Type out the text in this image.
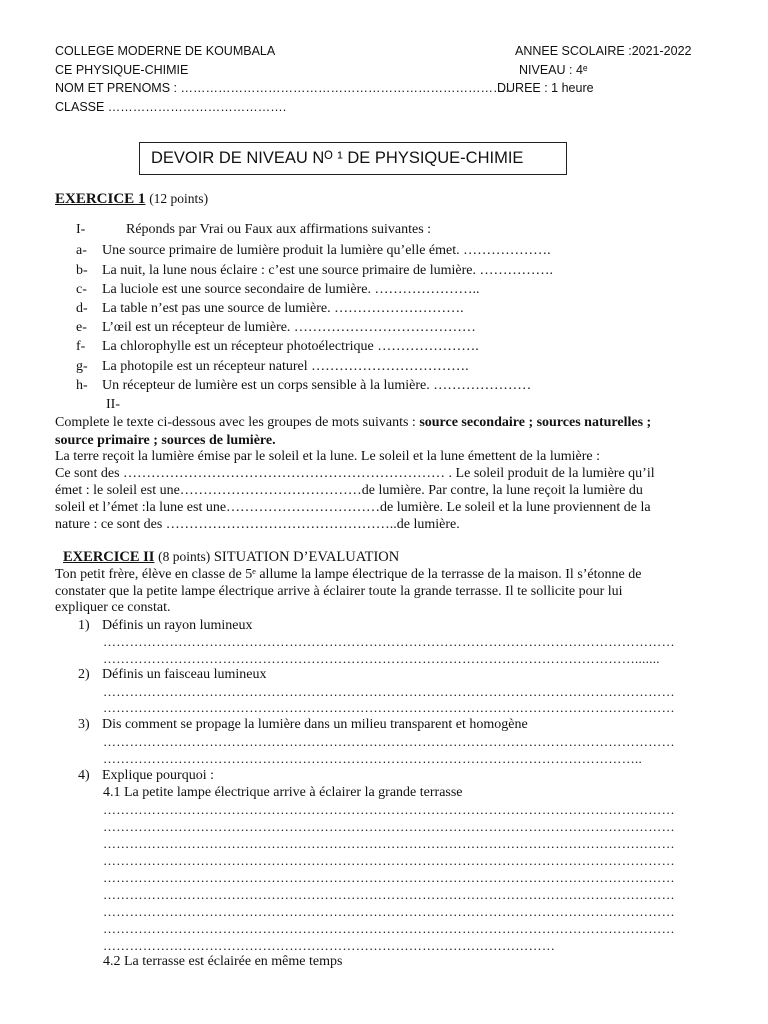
COLLEGE MODERNE DE KOUMBALA
CE PHYSIQUE-CHIMIE
NOM ET PRENOMS : ……………………………………………………………………..
CLASSE …………………………………….
ANNEE SCOLAIRE :2021-2022
NIVEAU : 4ᵉ
DUREE : 1 heure
DEVOIR DE NIVEAU Nᴼ ¹ DE PHYSIQUE-CHIMIE
EXERCICE 1 (12 points)
I-	Réponds par Vrai ou Faux aux affirmations suivantes :
a- Une source primaire de lumière produit la lumière qu’elle émet. ……………….
b- La nuit, la lune nous éclaire : c’est une source primaire de lumière. …………….
c- La luciole est une source secondaire de lumière. …………………..
d- La table n’est pas une source de lumière. ……………………….
e- L’œil est un récepteur de lumière. …………………………………
f- La chlorophylle est un récepteur photoélectrique ………………….
g- La photopile est un récepteur naturel …………………………….
h- Un récepteur de lumière est un corps sensible à la lumière. …………………
II-
Complete le texte ci-dessous avec les groupes de mots suivants : source secondaire ; sources naturelles ;
source primaire ; sources de lumière.
La terre reçoit la lumière émise par le soleil et la lune. Le soleil et la lune émettent de la lumière :
Ce sont des …………………………………………………………… . Le soleil produit de la lumière qu’il
émet : le soleil est une…………………………………de lumière. Par contre, la lune reçoit la lumière du
soleil et l’émet :la lune est une……………………………de lumière. Le soleil et la lune proviennent de la
nature : ce sont des …………………………………………..de lumière.
EXERCICE II (8 points) SITUATION D’EVALUATION
Ton petit frère, élève en classe de 5ᵉ allume la lampe électrique de la terrasse de la maison. Il s’étonne de
constater que la petite lampe électrique arrive à éclairer toute la grande terrasse. Il te sollicite pour lui
expliquer ce constat.
1) Définis un rayon lumineux
…………………………………………………………………………………………………………………
………………………………………………………………………………………………………….......
2) Définis un faisceau lumineux
…………………………………………………………………………………………………………………
…………………………………………………………………………………………………………………
3) Dis comment se propage la lumière dans un milieu transparent et homogène
…………………………………………………………………………………………………………………
…………………………………………………………………………………………………………..
4) Explique pourquoi :
4.1 La petite lampe électrique arrive à éclairer la grande terrasse
…………………………………………………………………………………………………………………
…………………………………………………………………………………………………………………
…………………………………………………………………………………………………………………
…………………………………………………………………………………………………………………
…………………………………………………………………………………………………………………
…………………………………………………………………………………………………………………
…………………………………………………………………………………………………………………
…………………………………………………………………………………………………………………
…………………………………………………………………………………………
4.2 La terrasse est éclairée en même temps
